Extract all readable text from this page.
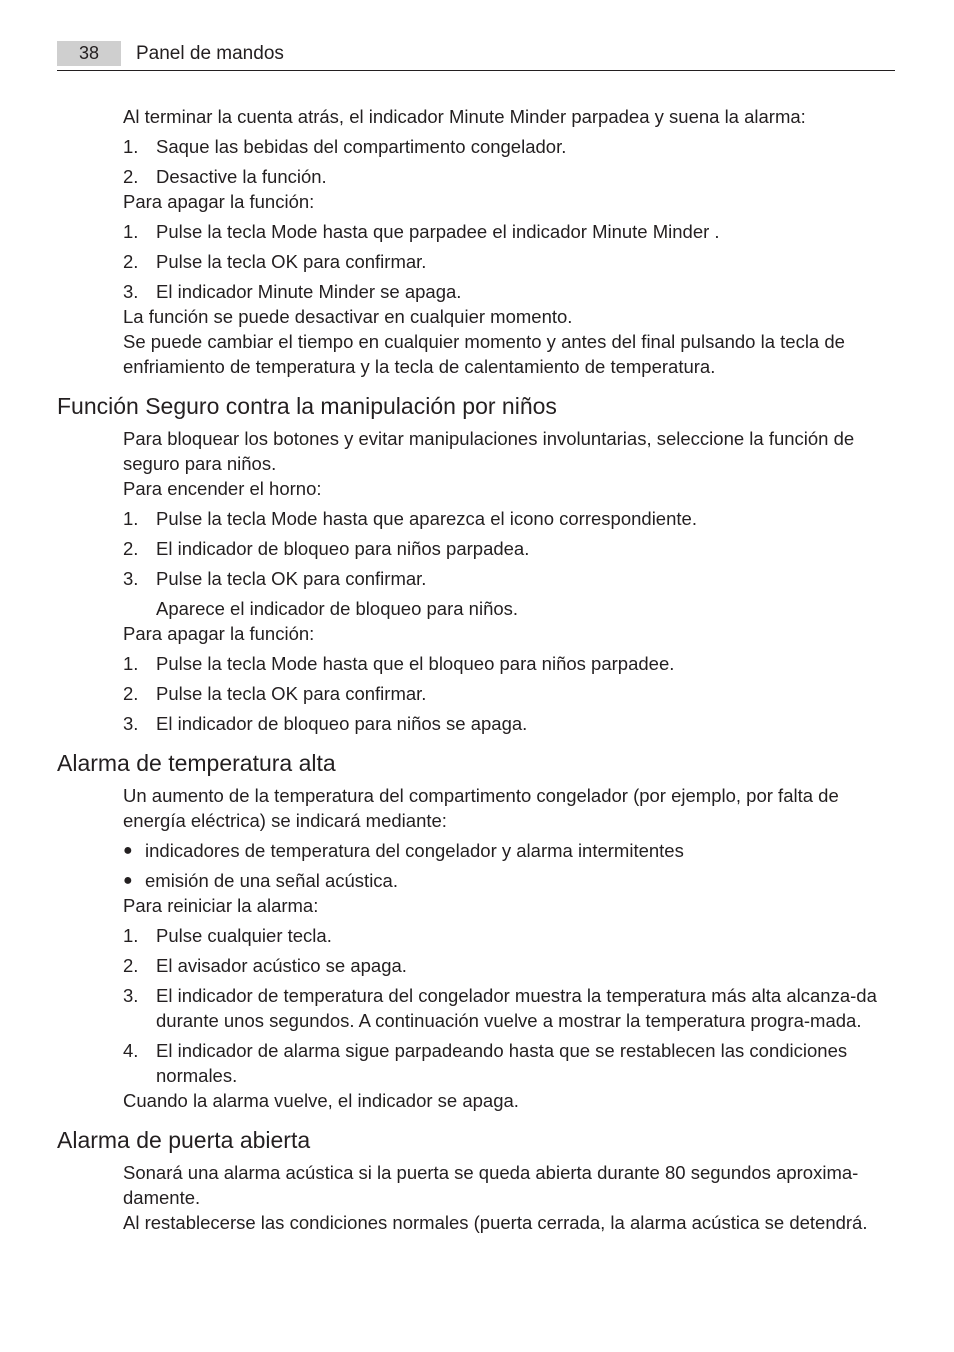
38	Panel de mandos

Al terminar la cuenta atrás, el indicador Minute Minder parpadea y suena la alarma:

1. Saque las bebidas del compartimento congelador.
2. Desactive la función.

Para apagar la función:

1. Pulse la tecla Mode hasta que parpadee el indicador Minute Minder .
2. Pulse la tecla OK para confirmar.
3. El indicador Minute Minder se apaga.

La función se puede desactivar en cualquier momento.

Se puede cambiar el tiempo en cualquier momento y antes del final pulsando la tecla de enfriamiento de temperatura y la tecla de calentamiento de temperatura.

Función Seguro contra la manipulación por niños

Para bloquear los botones y evitar manipulaciones involuntarias, seleccione la función de seguro para niños.

Para encender el horno:

1. Pulse la tecla Mode hasta que aparezca el icono correspondiente.
2. El indicador de bloqueo para niños parpadea.
3. Pulse la tecla OK para confirmar.
Aparece el indicador de bloqueo para niños.

Para apagar la función:

1. Pulse la tecla Mode hasta que el bloqueo para niños parpadee.
2. Pulse la tecla OK para confirmar.
3. El indicador de bloqueo para niños se apaga.
Alarma de temperatura alta

Un aumento de la temperatura del compartimento congelador (por ejemplo, por falta de energía eléctrica) se indicará mediante:

● indicadores de temperatura del congelador y alarma intermitentes
● emisión de una señal acústica.

Para reiniciar la alarma:

1. Pulse cualquier tecla.
2. El avisador acústico se apaga.
3. El indicador de temperatura del congelador muestra la temperatura más alta alcanza-da durante unos segundos. A continuación vuelve a mostrar la temperatura progra-mada.
4. El indicador de alarma sigue parpadeando hasta que se restablecen las condiciones normales.

Cuando la alarma vuelve, el indicador se apaga.

Alarma de puerta abierta

Sonará una alarma acústica si la puerta se queda abierta durante 80 segundos aproxima-damente.

Al restablecerse las condiciones normales (puerta cerrada, la alarma acústica se detendrá.
